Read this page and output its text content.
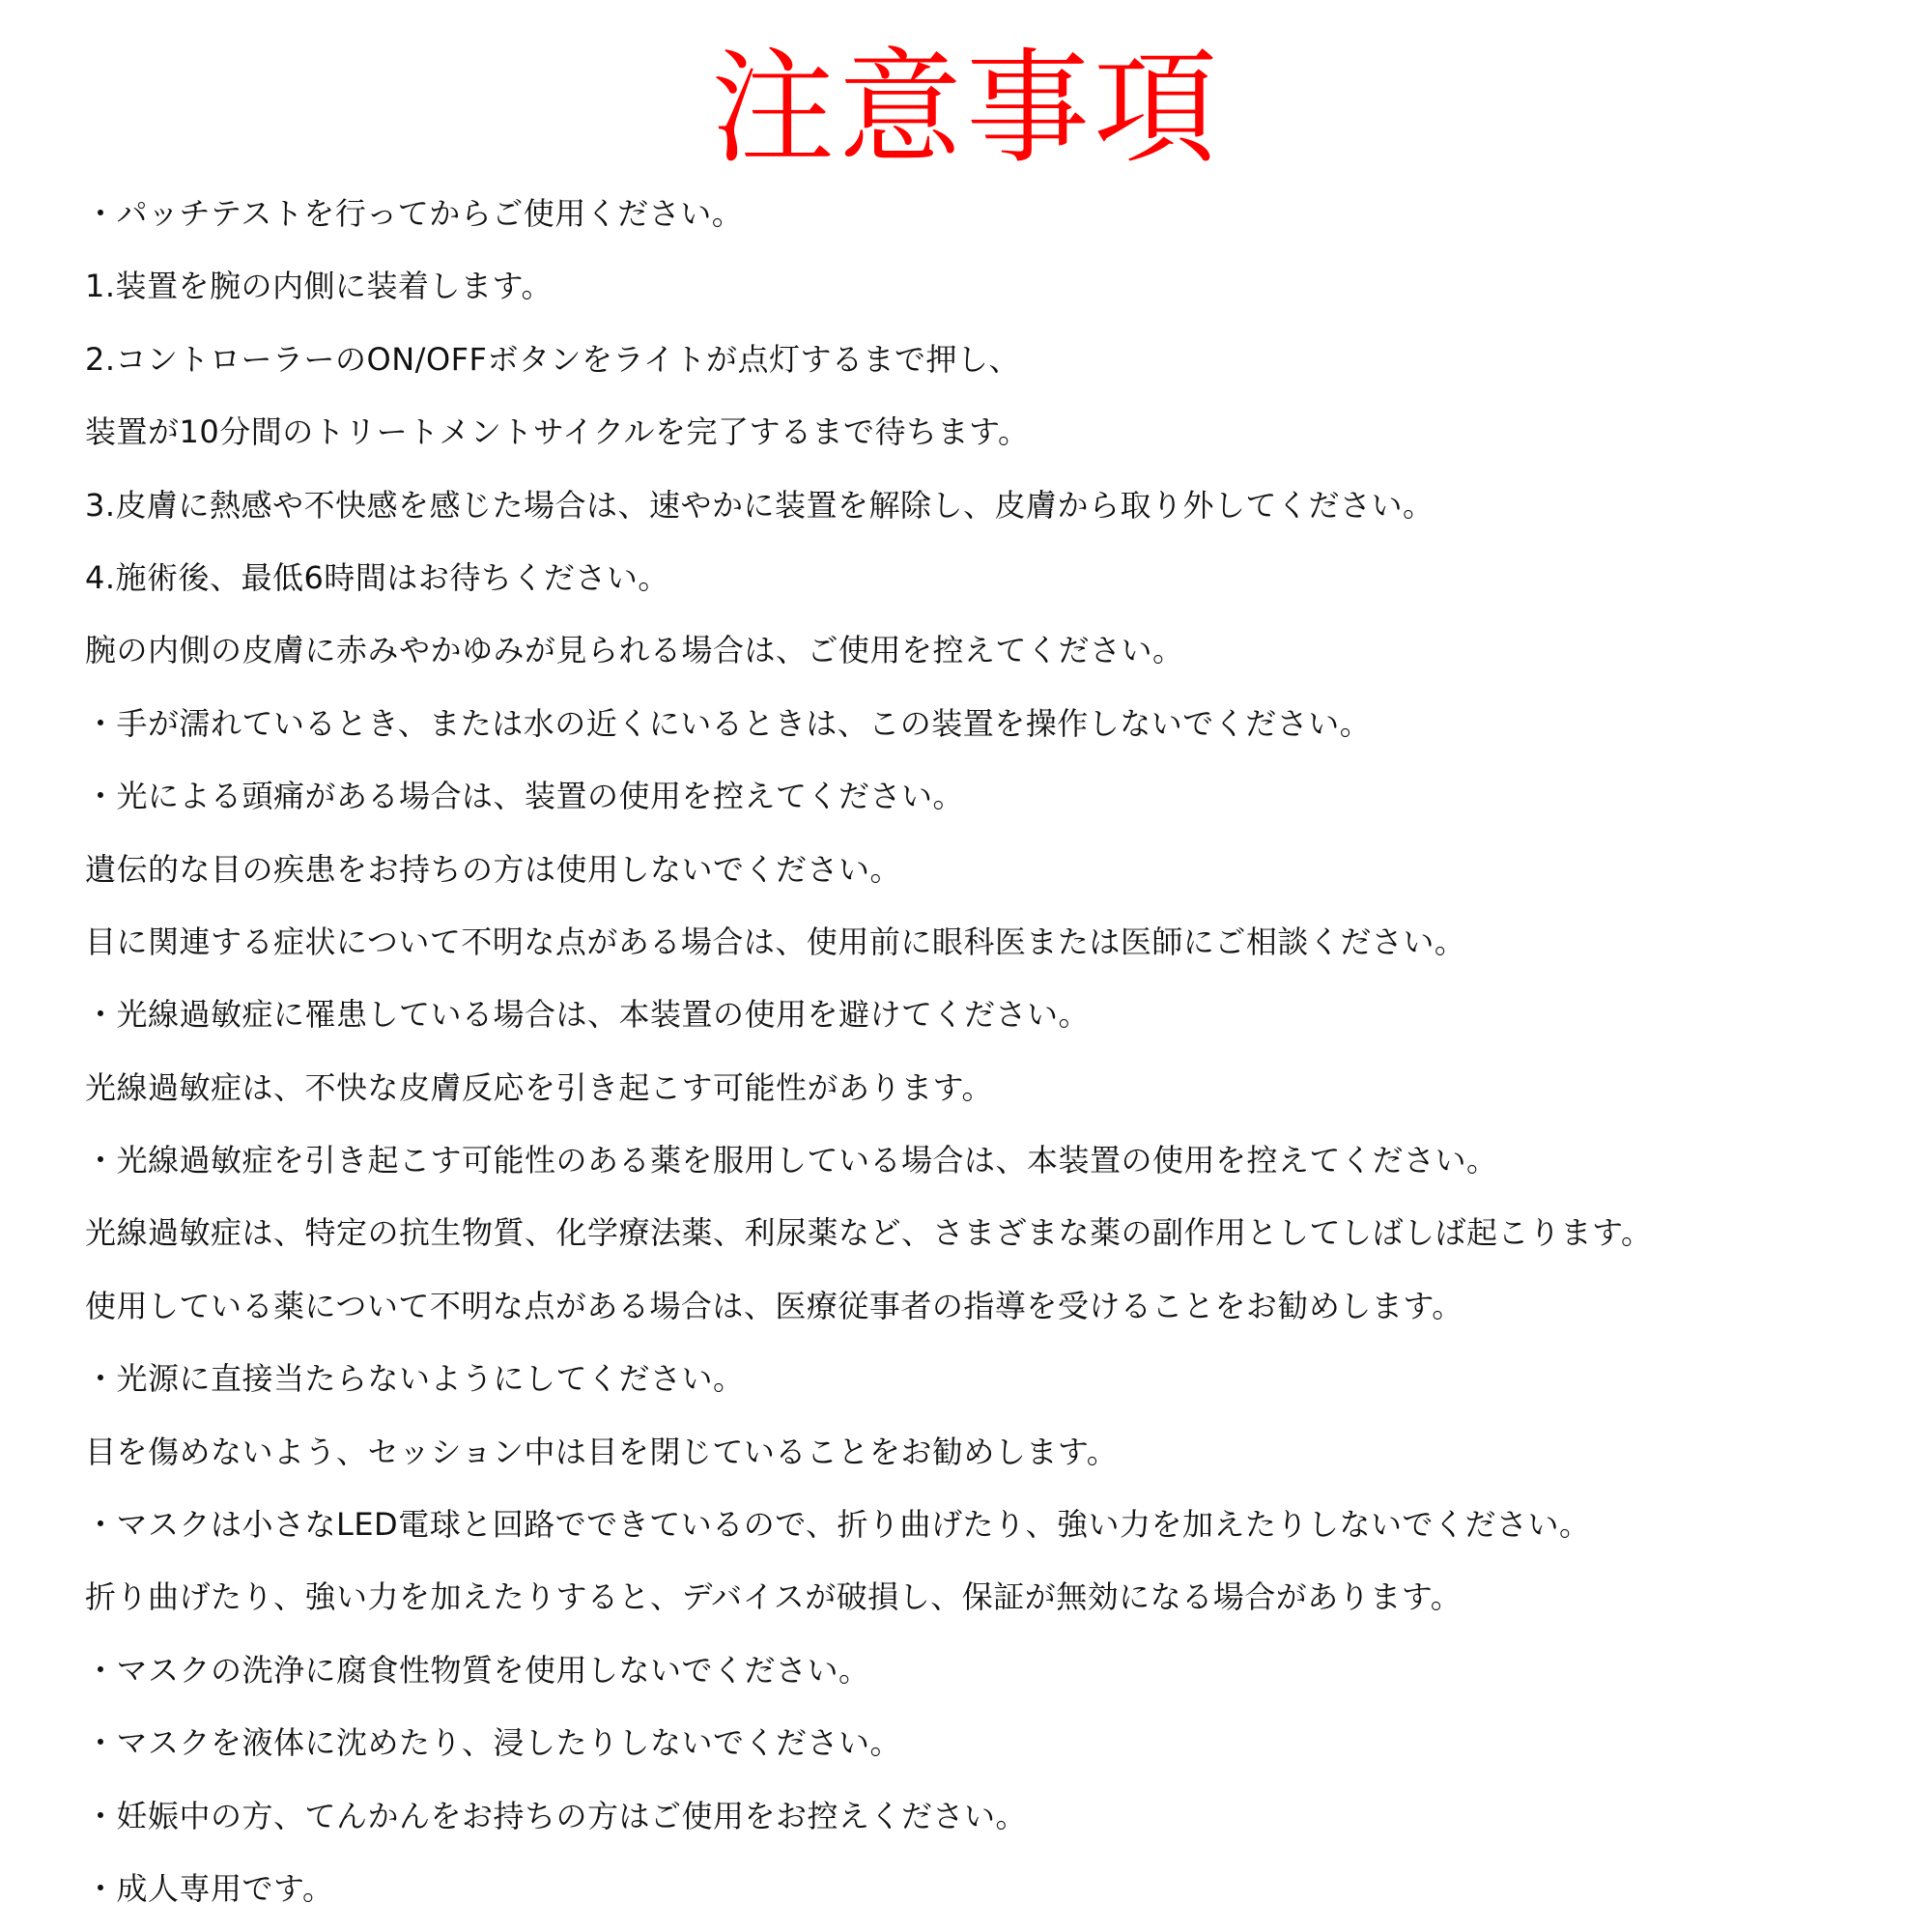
注意事項
・パッチテストを行ってからご使用ください。
1.装置を腕の内側に装着します。
2.コントローラーのON/OFFボタンをライトが点灯するまで押し、
装置が10分間のトリートメントサイクルを完了するまで待ちます。
3.皮膚に熱感や不快感を感じた場合は、速やかに装置を解除し、皮膚から取り外してください。
4.施術後、最低6時間はお待ちください。
腕の内側の皮膚に赤みやかゆみが見られる場合は、ご使用を控えてください。
・手が濡れているとき、または水の近くにいるときは、この装置を操作しないでください。
・光による頭痛がある場合は、装置の使用を控えてください。
遺伝的な目の疾患をお持ちの方は使用しないでください。
目に関連する症状について不明な点がある場合は、使用前に眼科医または医師にご相談ください。
・光線過敏症に罹患している場合は、本装置の使用を避けてください。
光線過敏症は、不快な皮膚反応を引き起こす可能性があります。
・光線過敏症を引き起こす可能性のある薬を服用している場合は、本装置の使用を控えてください。
光線過敏症は、特定の抗生物質、化学療法薬、利尿薬など、さまざまな薬の副作用としてしばしば起こります。
使用している薬について不明な点がある場合は、医療従事者の指導を受けることをお勧めします。
・光源に直接当たらないようにしてください。
目を傷めないよう、セッション中は目を閉じていることをお勧めします。
・マスクは小さなLED電球と回路でできているので、折り曲げたり、強い力を加えたりしないでください。
折り曲げたり、強い力を加えたりすると、デバイスが破損し、保証が無効になる場合があります。
・マスクの洗浄に腐食性物質を使用しないでください。
・マスクを液体に沈めたり、浸したりしないでください。
・妊娠中の方、てんかんをお持ちの方はご使用をお控えください。
・成人専用です。
